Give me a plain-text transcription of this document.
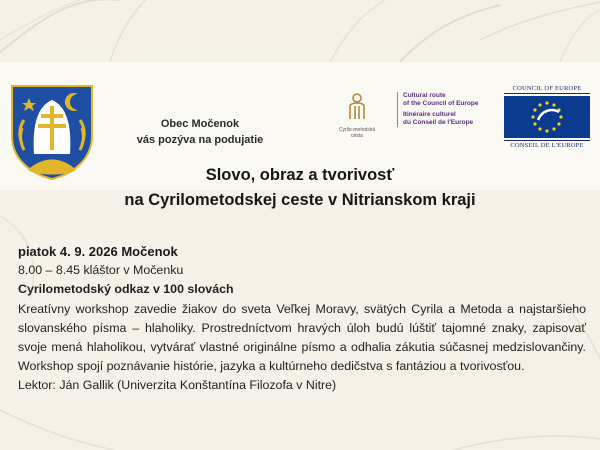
Obec Močenok
vás pozýva na podujatie
Cyrilo-metodská
cesta
Cultural route
of the Council of Europe
Itinéraire culturel
du Conseil de l'Europe
COUNCIL OF EUROPE
CONSEIL DE L'EUROPE
Slovo, obraz a tvorivosť
na Cyrilometodskej ceste v Nitrianskom kraji
piatok 4. 9. 2026 Močenok
8.00 – 8.45 kláštor v Močenku
Cyrilometodský odkaz v 100 slovách
Kreatívny workshop zavedie žiakov do sveta Veľkej Moravy, svätých Cyrila a Metoda a najstaršieho slovanského písma – hlaholiky. Prostredníctvom hravých úloh budú lúštiť tajomné znaky, zapisovať svoje mená hlaholikou, vytvárať vlastné originálne písmo a odhalia zákutia súčasnej medzislovančiny. Workshop spojí poznávanie histórie, jazyka a kultúrneho dedičstva s fantáziou a tvorivosťou.
Lektor: Ján Gallik (Univerzita Konštantína Filozofa v Nitre)
